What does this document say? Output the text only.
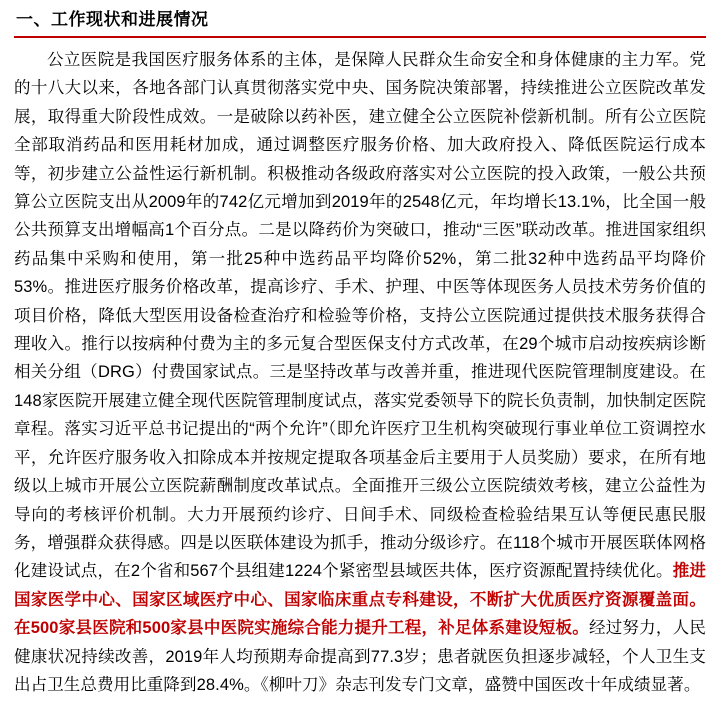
一、工作现状和进展情况

公立医院是我国医疗服务体系的主体，是保障人民群众生命安全和身体健康的主力军。党的十八大以来，各地各部门认真贯彻落实党中央、国务院决策部署，持续推进公立医院改革发展，取得重大阶段性成效。一是破除以药补医，建立健全公立医院补偿新机制。所有公立医院全部取消药品和医用耗材加成，通过调整医疗服务价格、加大政府投入、降低医院运行成本等，初步建立公益性运行新机制。积极推动各级政府落实对公立医院的投入政策，一般公共预算公立医院支出从2009年的742亿元增加到2019年的2548亿元，年均增长13.1%，比全国一般公共预算支出增幅高1个百分点。二是以降药价为突破口，推动“三医”联动改革。推进国家组织药品集中采购和使用，第一批25种中选药品平均降价52%，第二批32种中选药品平均降价53%。推进医疗服务价格改革，提高诊疗、手术、护理、中医等体现医务人员技术劳务价值的项目价格，降低大型医用设备检查治疗和检验等价格，支持公立医院通过提供技术服务获得合理收入。推行以按病种付费为主的多元复合型医保支付方式改革，在29个城市启动按疾病诊断相关分组（DRG）付费国家试点。三是坚持改革与改善并重，推进现代医院管理制度建设。在148家医院开展建立健全现代医院管理制度试点，落实党委领导下的院长负责制，加快制定医院章程。落实习近平总书记提出的“两个允许”（即允许医疗卫生机构突破现行事业单位工资调控水平，允许医疗服务收入扣除成本并按规定提取各项基金后主要用于人员奖励）要求，在所有地级以上城市开展公立医院薪酬制度改革试点。全面推开三级公立医院绩效考核，建立公益性为导向的考核评价机制。大力开展预约诊疗、日间手术、同级检查检验结果互认等便民惠民服务，增强群众获得感。四是以医联体建设为抓手，推动分级诊疗。在118个城市开展医联体网格化建设试点，在2个省和567个县组建1224个紧密型县域医共体，医疗资源配置持续优化。推进国家医学中心、国家区域医疗中心、国家临床重点专科建设，不断扩大优质医疗资源覆盖面。在500家县医院和500家县中医院实施综合能力提升工程，补足体系建设短板。经过努力，人民健康状况持续改善，2019年人均预期寿命提高到77.3岁；患者就医负担逐步减轻，个人卫生支出占卫生总费用比重降到28.4%。《柳叶刀》杂志刊发专门文章，盛赞中国医改十年成绩显著。
